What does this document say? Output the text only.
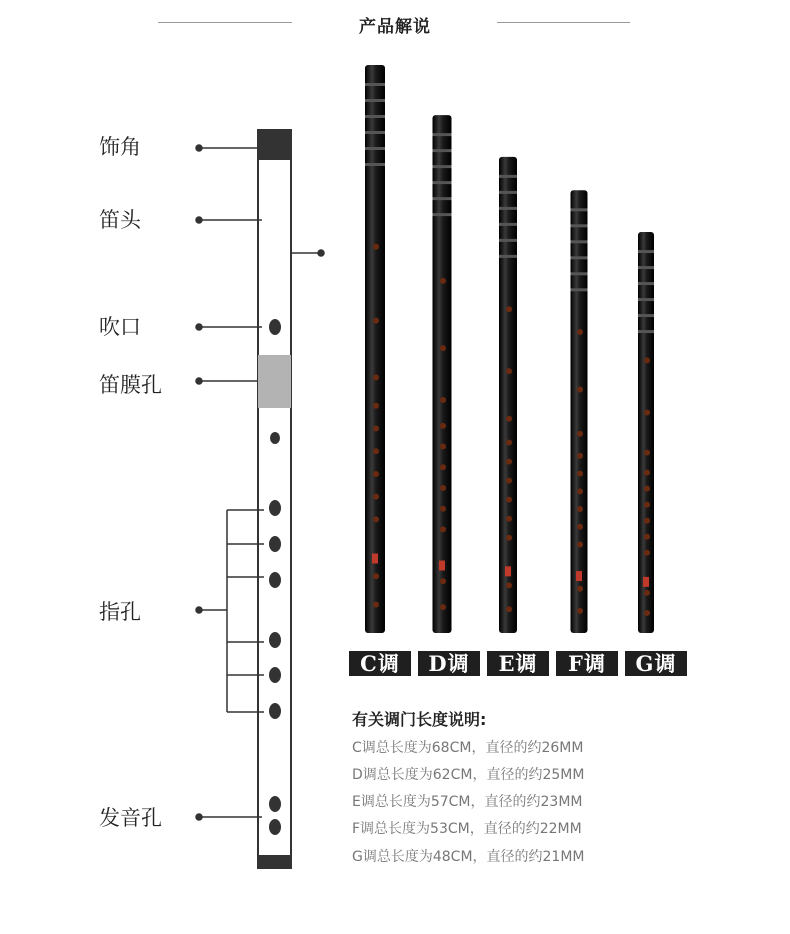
产品解说
饰角
笛头
吹口
笛膜孔
指孔
发音孔
C调	D调	E调	F调	G调
有关调门长度说明:
C调总长度为68CM，直径的约26MM
D调总长度为62CM，直径的约25MM
E调总长度为57CM，直径的约23MM
F调总长度为53CM，直径的约22MM
G调总长度为48CM，直径的约21MM
